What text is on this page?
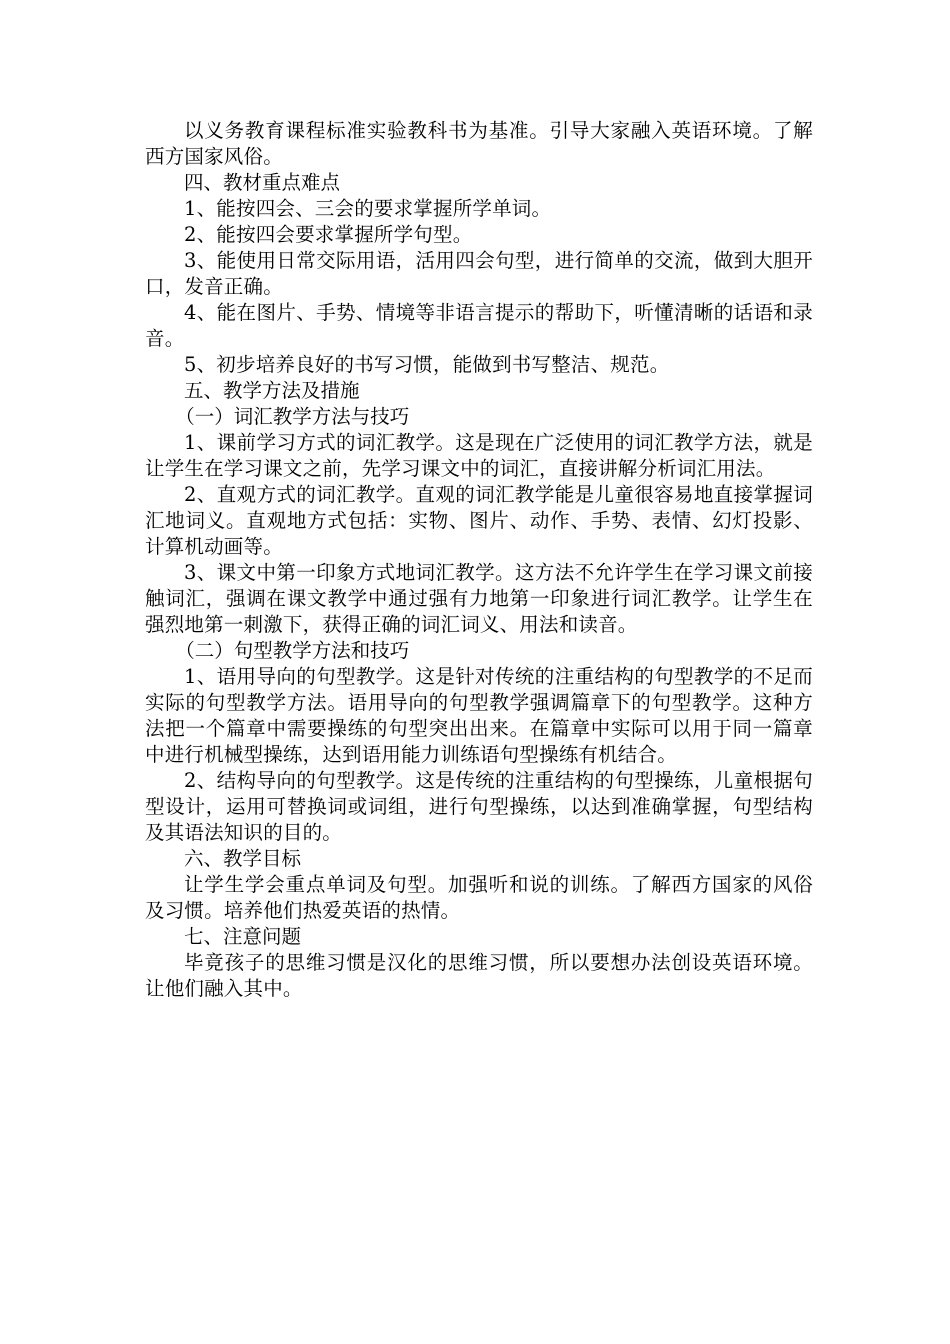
以义务教育课程标准实验教科书为基准。引导大家融入英语环境。了解西方国家风俗。

四、教材重点难点

1、能按四会、三会的要求掌握所学单词。

2、能按四会要求掌握所学句型。

3、能使用日常交际用语，活用四会句型，进行简单的交流，做到大胆开口，发音正确。

4、能在图片、手势、情境等非语言提示的帮助下，听懂清晰的话语和录音。

5、初步培养良好的书写习惯，能做到书写整洁、规范。

五、教学方法及措施

（一）词汇教学方法与技巧

1、课前学习方式的词汇教学。这是现在广泛使用的词汇教学方法，就是让学生在学习课文之前，先学习课文中的词汇，直接讲解分析词汇用法。

2、直观方式的词汇教学。直观的词汇教学能是儿童很容易地直接掌握词汇地词义。直观地方式包括：实物、图片、动作、手势、表情、幻灯投影、计算机动画等。

3、课文中第一印象方式地词汇教学。这方法不允许学生在学习课文前接触词汇，强调在课文教学中通过强有力地第一印象进行词汇教学。让学生在强烈地第一刺激下，获得正确的词汇词义、用法和读音。

（二）句型教学方法和技巧

1、语用导向的句型教学。这是针对传统的注重结构的句型教学的不足而实际的句型教学方法。语用导向的句型教学强调篇章下的句型教学。这种方法把一个篇章中需要操练的句型突出出来。在篇章中实际可以用于同一篇章中进行机械型操练，达到语用能力训练语句型操练有机结合。

2、结构导向的句型教学。这是传统的注重结构的句型操练，儿童根据句型设计，运用可替换词或词组，进行句型操练，以达到准确掌握，句型结构及其语法知识的目的。

六、教学目标

让学生学会重点单词及句型。加强听和说的训练。了解西方国家的风俗及习惯。培养他们热爱英语的热情。

七、注意问题

毕竟孩子的思维习惯是汉化的思维习惯，所以要想办法创设英语环境。让他们融入其中。
